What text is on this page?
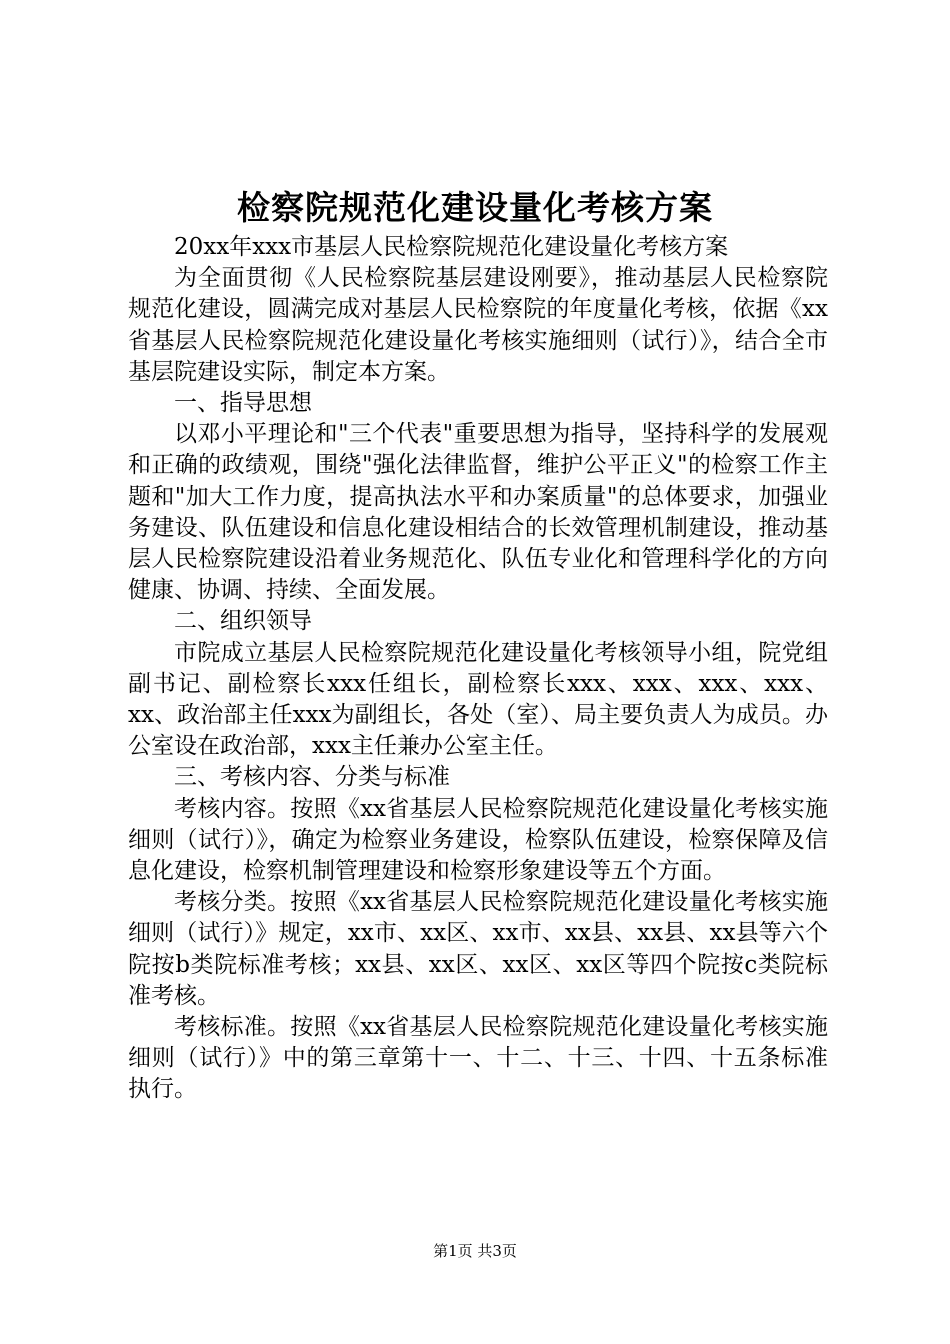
检察院规范化建设量化考核方案

20xx年xxx市基层人民检察院规范化建设量化考核方案

为全面贯彻《人民检察院基层建设刚要》，推动基层人民检察院规范化建设，圆满完成对基层人民检察院的年度量化考核，依据《xx省基层人民检察院规范化建设量化考核实施细则（试行）》，结合全市基层院建设实际，制定本方案。

一、指导思想

以邓小平理论和"三个代表"重要思想为指导，坚持科学的发展观和正确的政绩观，围绕"强化法律监督，维护公平正义"的检察工作主题和"加大工作力度，提高执法水平和办案质量"的总体要求，加强业务建设、队伍建设和信息化建设相结合的长效管理机制建设，推动基层人民检察院建设沿着业务规范化、队伍专业化和管理科学化的方向健康、协调、持续、全面发展。

二、组织领导

市院成立基层人民检察院规范化建设量化考核领导小组，院党组副书记、副检察长xxx任组长，副检察长xxx、xxx、xxx、xxx、xx、政治部主任xxx为副组长，各处（室）、局主要负责人为成员。办公室设在政治部，xxx主任兼办公室主任。

三、考核内容、分类与标准

考核内容。按照《xx省基层人民检察院规范化建设量化考核实施细则（试行）》，确定为检察业务建设，检察队伍建设，检察保障及信息化建设，检察机制管理建设和检察形象建设等五个方面。

考核分类。按照《xx省基层人民检察院规范化建设量化考核实施细则（试行）》规定，xx市、xx区、xx市、xx县、xx县、xx县等六个院按b类院标准考核；xx县、xx区、xx区、xx区等四个院按c类院标准考核。

考核标准。按照《xx省基层人民检察院规范化建设量化考核实施细则（试行）》中的第三章第十一、十二、十三、十四、十五条标准执行。

第1页 共3页
